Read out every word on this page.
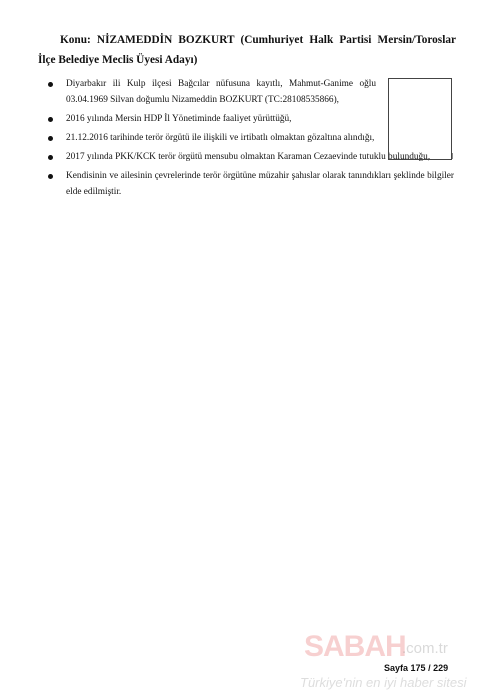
Konu: NİZAMEDDİN BOZKURT (Cumhuriyet Halk Partisi Mersin/Toroslar İlçe Belediye Meclis Üyesi Adayı)
Diyarbakır ili Kulp ilçesi Bağcılar nüfusuna kayıtlı, Mahmut-Ganime oğlu 03.04.1969 Silvan doğumlu Nizameddin BOZKURT (TC:28108535866),
2016 yılında Mersin HDP İl Yönetiminde faaliyet yürüttüğü,
21.12.2016 tarihinde terör örgütü ile ilişkili ve irtibatlı olmaktan gözaltına alındığı,
2017 yılında PKK/KCK terör örgütü mensubu olmaktan Karaman Cezaevinde tutuklu bulunduğu,
Kendisinin ve ailesinin çevrelerinde terör örgütüne müzahir şahıslar olarak tanındıkları şeklinde bilgiler elde edilmiştir.
SABAH
.com.tr
Türkiye'nin en iyi haber sitesi
Sayfa 175 / 229
